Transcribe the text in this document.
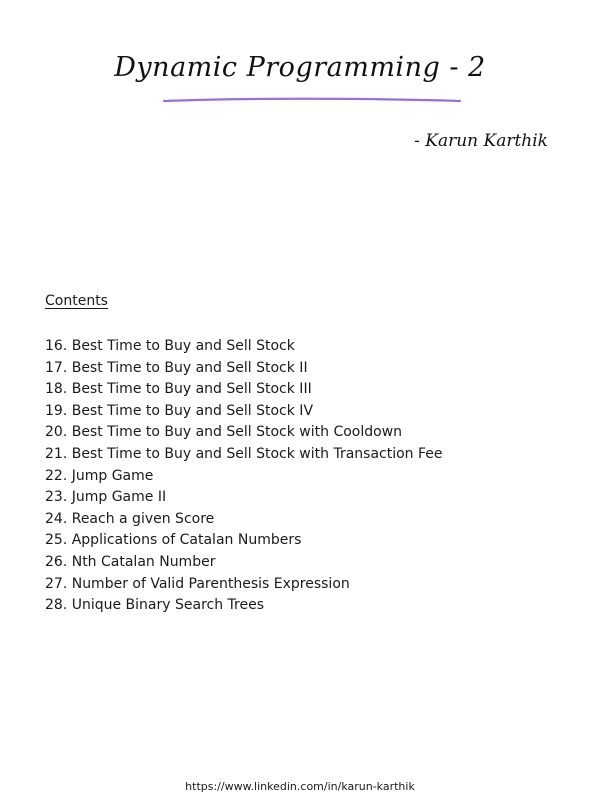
Dynamic Programming - 2
- Karun Karthik
Contents
16. Best Time to Buy and Sell Stock
17. Best Time to Buy and Sell Stock II
18. Best Time to Buy and Sell Stock III
19. Best Time to Buy and Sell Stock IV
20. Best Time to Buy and Sell Stock with Cooldown
21. Best Time to Buy and Sell Stock with Transaction Fee
22. Jump Game
23. Jump Game II
24. Reach a given Score
25. Applications of Catalan Numbers
26. Nth Catalan Number
27. Number of Valid Parenthesis Expression
28. Unique Binary Search Trees
https://www.linkedin.com/in/karun-karthik
